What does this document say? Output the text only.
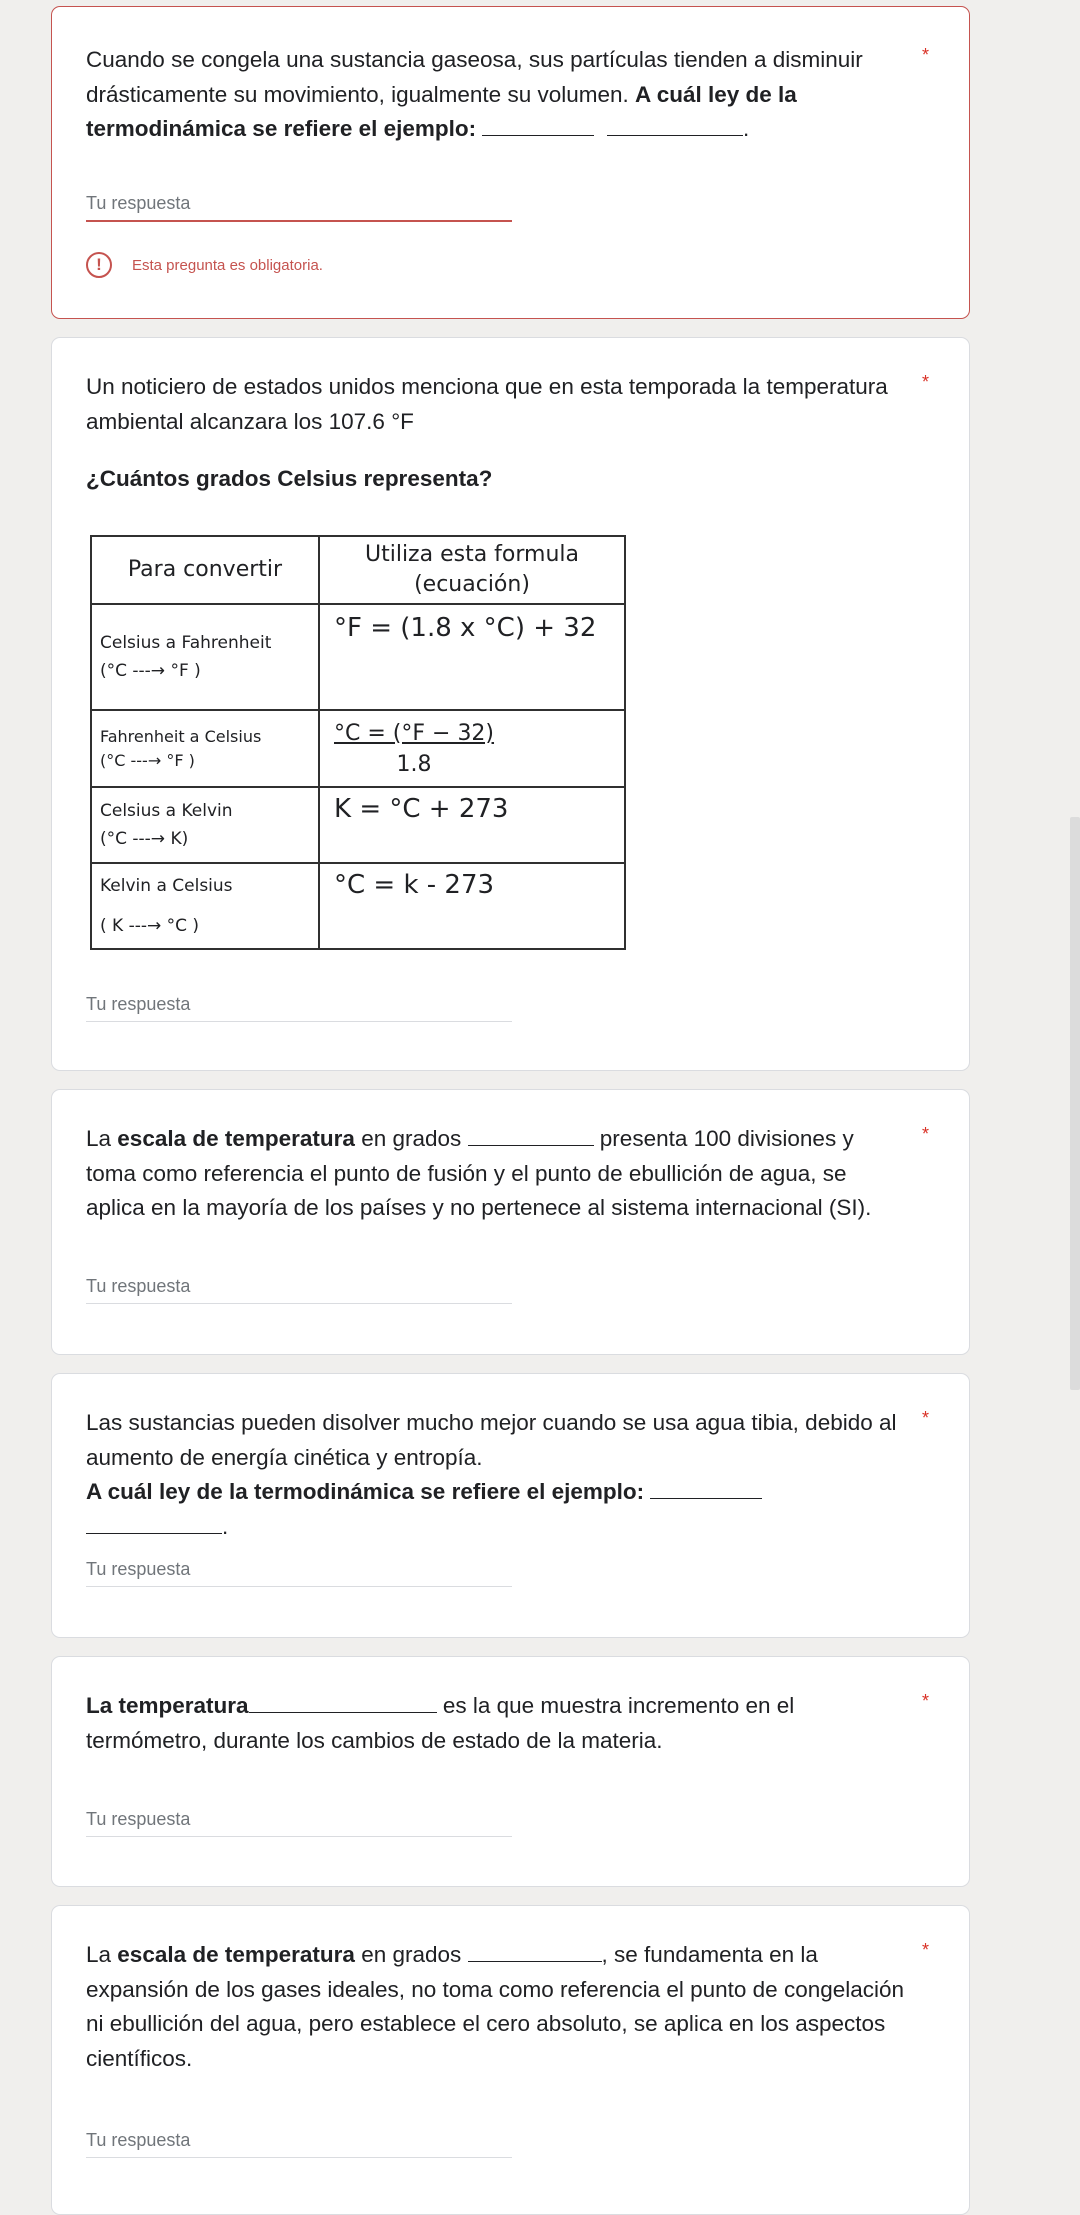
Cuando se congela una sustancia gaseosa, sus partículas tienden a disminuir drásticamente su movimiento, igualmente su volumen. A cuál ley de la termodinámica se refiere el ejemplo:	.
*
Tu respuesta
!	Esta pregunta es obligatoria.
Un noticiero de estados unidos menciona que en esta temporada la temperatura ambiental alcanzara los 107.6 °F
*
¿Cuántos grados Celsius representa?
Para convertir	Utiliza esta formula
(ecuación)
Celsius a Fahrenheit
(°C ---→ °F )	°F = (1.8 x °C) + 32
Fahrenheit a Celsius
(°C ---→ °F )	$\frac{^\circ C = (^\circ F - 32)}{1.8}$

Celsius a Kelvin
(°C ---→ K)	K = °C + 273
Kelvin a Celsius
( K ---→ °C )	°C = k - 273
Tu respuesta
La escala de temperatura en grados	presenta 100 divisiones y toma como referencia el punto de fusión y el punto de ebullición de agua, se aplica en la mayoría de los países y no pertenece al sistema internacional (SI).
*
Tu respuesta
Las sustancias pueden disolver mucho mejor cuando se usa agua tibia, debido al aumento de energía cinética y entropía.
A cuál ley de la termodinámica se refiere el ejemplo:   .
*
Tu respuesta
La temperatura	es la que muestra incremento en el termómetro, durante los cambios de estado de la materia.
*
Tu respuesta
La escala de temperatura en grados	, se fundamenta en la expansión de los gases ideales, no toma como referencia el punto de congelación ni ebullición del agua, pero establece el cero absoluto, se aplica en los aspectos científicos.
*
Tu respuesta
